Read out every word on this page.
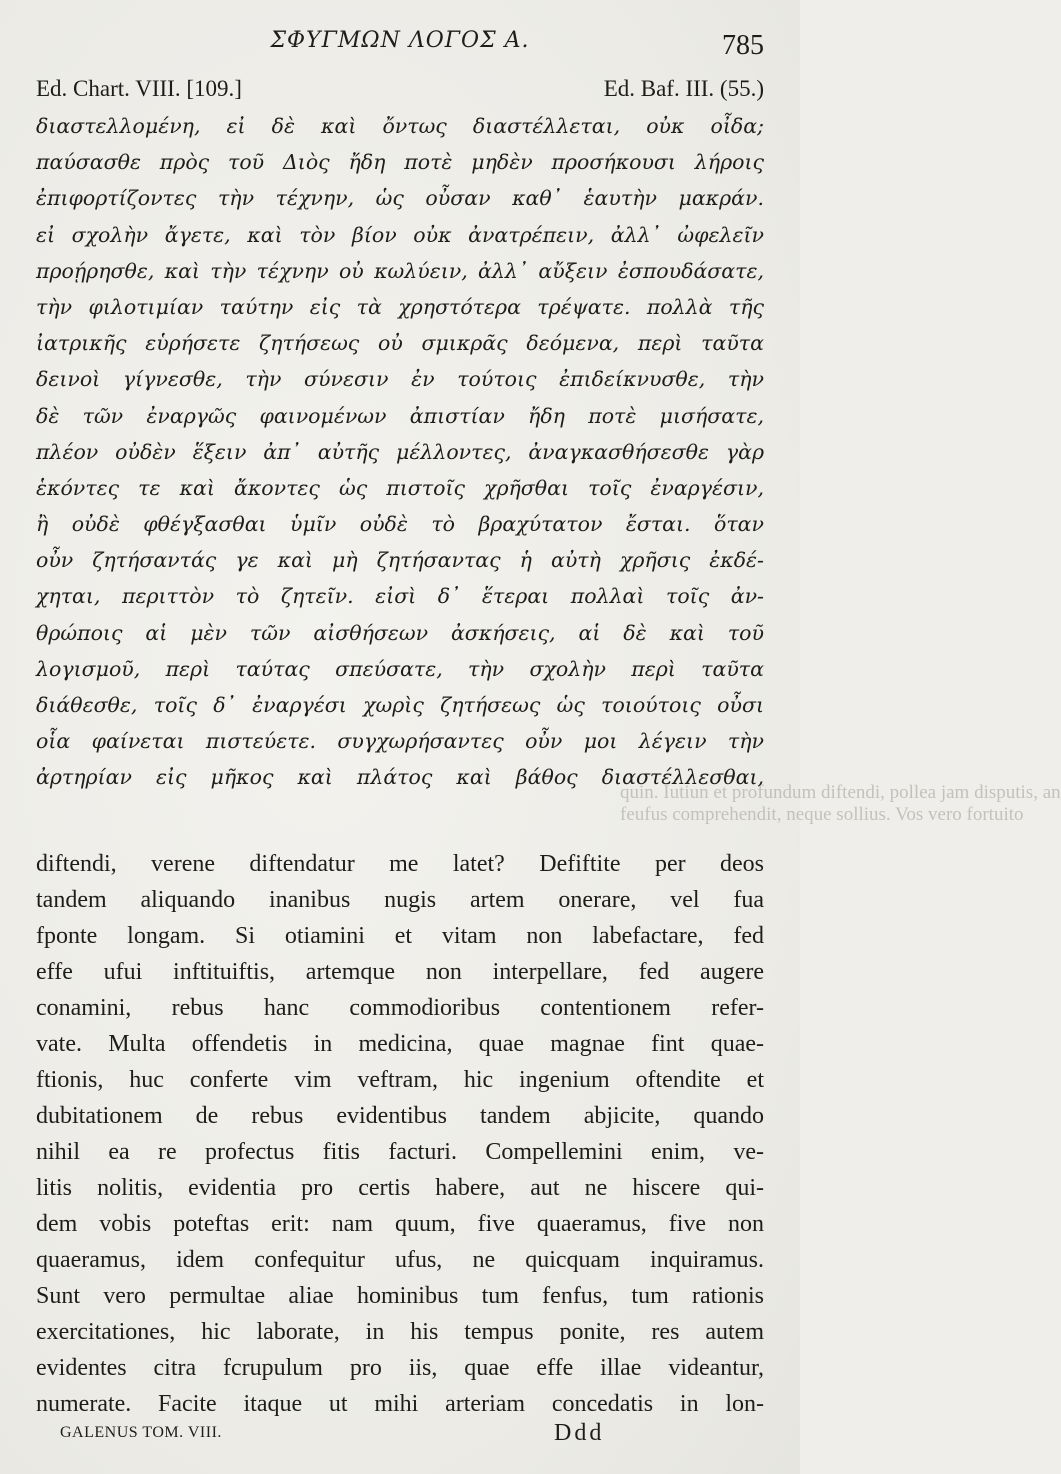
ΣΦΥΓΜΩΝ ΛΟΓΟΣ Α.	785
Ed. Chart. VIII. [109.]	Ed. Baf. III. (55.)
διαστελλομένη, εἰ δὲ καὶ ὄντως διαστέλλεται, οὐκ οἶδα;
παύσασθε πρὸς τοῦ Διὸς ἤδη ποτὲ μηδὲν προσήκουσι λήροις
ἐπιφορτίζοντες τὴν τέχνην, ὡς οὖσαν καθ᾽ ἑαυτὴν μακράν.
εἰ σχολὴν ἄγετε, καὶ τὸν βίον οὐκ ἀνατρέπειν, ἀλλ᾽ ὠφελεῖν
προῄρησθε, καὶ τὴν τέχνην οὐ κωλύειν, ἀλλ᾽ αὔξειν ἐσπουδάσατε,
τὴν φιλοτιμίαν ταύτην εἰς τὰ χρηστότερα τρέψατε. πολλὰ τῆς
ἰατρικῆς εὑρήσετε ζητήσεως οὐ σμικρᾶς δεόμενα, περὶ ταῦτα
δεινοὶ γίγνεσθε, τὴν σύνεσιν ἐν τούτοις ἐπιδείκνυσθε, τὴν
δὲ τῶν ἐναργῶς φαινομένων ἀπιστίαν ἤδη ποτὲ μισήσατε,
πλέον οὐδὲν ἕξειν ἀπ᾽ αὐτῆς μέλλοντες, ἀναγκασθήσεσθε γὰρ
ἑκόντες τε καὶ ἄκοντες ὡς πιστοῖς χρῆσθαι τοῖς ἐναργέσιν,
ἢ οὐδὲ φθέγξασθαι ὑμῖν οὐδὲ τὸ βραχύτατον ἔσται. ὅταν
οὖν ζητήσαντάς γε καὶ μὴ ζητήσαντας ἡ αὐτὴ χρῆσις ἐκδέ-
χηται, περιττὸν τὸ ζητεῖν. εἰσὶ δ᾽ ἕτεραι πολλαὶ τοῖς ἀν-
θρώποις αἱ μὲν τῶν αἰσθήσεων ἀσκήσεις, αἱ δὲ καὶ τοῦ
λογισμοῦ, περὶ ταύτας σπεύσατε, τὴν σχολὴν περὶ ταῦτα
διάθεσθε, τοῖς δ᾽ ἐναργέσι χωρὶς ζητήσεως ὡς τοιούτοις οὖσι
οἷα φαίνεται πιστεύετε. συγχωρήσαντες οὖν μοι λέγειν τὴν
ἀρτηρίαν εἰς μῆκος καὶ πλάτος καὶ βάθος διαστέλλεσθαι,
quin. Iutiun et profundum diftendi, pollea jam disputis, an
feufus comprehendit, neque sollius. Vos vero fortuito
diftendi, verene diftendatur me latet? Defiftite per deos
tandem aliquando inanibus nugis artem onerare, vel fua
fponte longam. Si otiamini et vitam non labefactare, fed
effe ufui inftituiftis, artemque non interpellare, fed augere
conamini, rebus hanc commodioribus contentionem refer-
vate. Multa offendetis in medicina, quae magnae fint quae-
ftionis, huc conferte vim veftram, hic ingenium oftendite et
dubitationem de rebus evidentibus tandem abjicite, quando
nihil ea re profectus fitis facturi. Compellemini enim, ve-
litis nolitis, evidentia pro certis habere, aut ne hiscere qui-
dem vobis poteftas erit: nam quum, five quaeramus, five non
quaeramus, idem confequitur ufus, ne quicquam inquiramus.
Sunt vero permultae aliae hominibus tum fenfus, tum rationis
exercitationes, hic laborate, in his tempus ponite, res autem
evidentes citra fcrupulum pro iis, quae effe illae videantur,
numerate. Facite itaque ut mihi arteriam concedatis in lon-
GALENUS TOM. VIII.	Ddd
